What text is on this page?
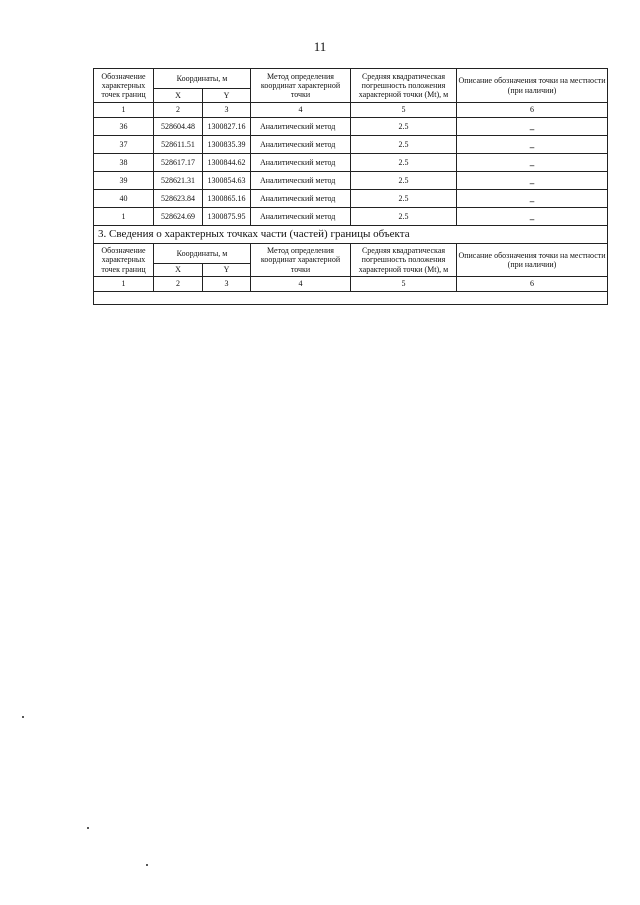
11
Обозначение характерных точек границ	Координаты, м		Метод определения координат характерной точки	Средняя квадратическая погрешность положения характерной точки (Mt), м	Описание обозначения точки на местности (при наличии)
	X	Y			
1	2	3	4	5	6
36	528604.48	1300827.16	Аналитический метод	2.5	–
37	528611.51	1300835.39	Аналитический метод	2.5	–
38	528617.17	1300844.62	Аналитический метод	2.5	–
39	528621.31	1300854.63	Аналитический метод	2.5	–
40	528623.84	1300865.16	Аналитический метод	2.5	–
1	528624.69	1300875.95	Аналитический метод	2.5	–
3. Сведения о характерных точках части (частей) границы объекта					
Обозначение характерных точек границ	Координаты, м		Метод определения координат характерной точки	Средняя квадратическая погрешность положения характерной точки (Mt), м	Описание обозначения точки на местности (при наличии)
	X	Y			
1	2	3	4	5	6
